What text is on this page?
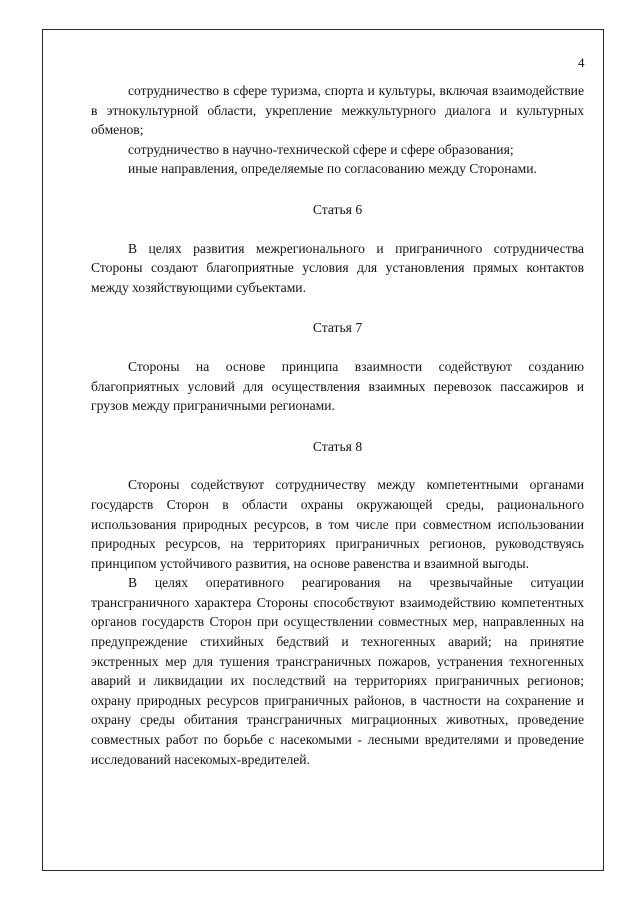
4

сотрудничество в сфере туризма, спорта и культуры, включая взаимодействие в этнокультурной области, укрепление межкультурного диалога и культурных обменов;

сотрудничество в научно-технической сфере и сфере образования;

иные направления, определяемые по согласованию между Сторонами.

Статья 6

В целях развития межрегионального и приграничного сотрудничества Стороны создают благоприятные условия для установления прямых контактов между хозяйствующими субъектами.

Статья 7

Стороны на основе принципа взаимности содействуют созданию благоприятных условий для осуществления взаимных перевозок пассажиров и грузов между приграничными регионами.

Статья 8

Стороны содействуют сотрудничеству между компетентными органами государств Сторон в области охраны окружающей среды, рационального использования природных ресурсов, в том числе при совместном использовании природных ресурсов, на территориях приграничных регионов, руководствуясь принципом устойчивого развития, на основе равенства и взаимной выгоды.

В целях оперативного реагирования на чрезвычайные ситуации трансграничного характера Стороны способствуют взаимодействию компетентных органов государств Сторон при осуществлении совместных мер, направленных на предупреждение стихийных бедствий и техногенных аварий; на принятие экстренных мер для тушения трансграничных пожаров, устранения техногенных аварий и ликвидации их последствий на территориях приграничных регионов; охрану природных ресурсов приграничных районов, в частности на сохранение и охрану среды обитания трансграничных миграционных животных, проведение совместных работ по борьбе с насекомыми - лесными вредителями и проведение исследований насекомых-вредителей.
